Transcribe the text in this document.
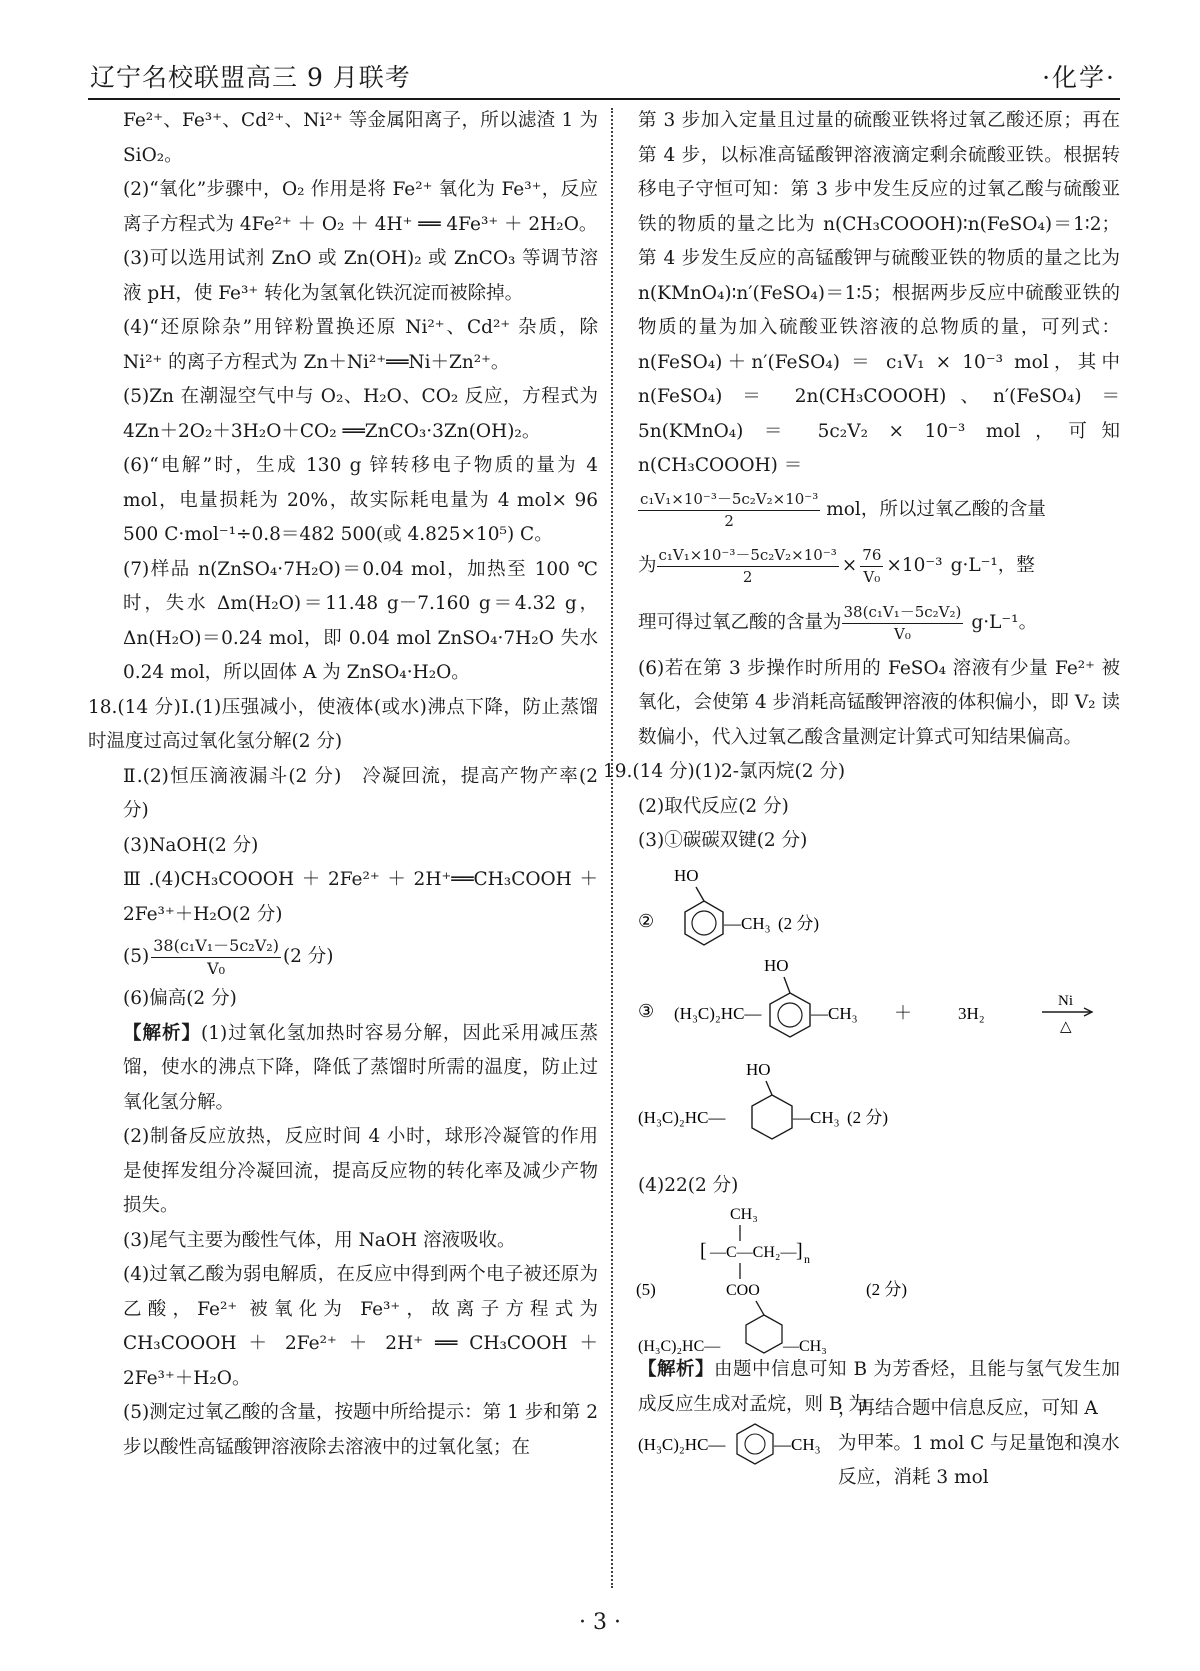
辽宁名校联盟高三 9 月联考	·化学·

Fe²⁺、Fe³⁺、Cd²⁺、Ni²⁺ 等金属阳离子，所以滤渣 1 为 SiO₂。

(2)“氧化”步骤中，O₂ 作用是将 Fe²⁺ 氧化为 Fe³⁺，反应离子方程式为 4Fe²⁺ ＋ O₂ ＋ 4H⁺ ══ 4Fe³⁺ ＋ 2H₂O。

(3)可以选用试剂 ZnO 或 Zn(OH)₂ 或 ZnCO₃ 等调节溶液 pH，使 Fe³⁺ 转化为氢氧化铁沉淀而被除掉。

(4)“还原除杂”用锌粉置换还原 Ni²⁺、Cd²⁺ 杂质，除 Ni²⁺ 的离子方程式为 Zn＋Ni²⁺══Ni＋Zn²⁺。

(5)Zn 在潮湿空气中与 O₂、H₂O、CO₂ 反应，方程式为 4Zn＋2O₂＋3H₂O＋CO₂ ══ZnCO₃·3Zn(OH)₂。

(6)“电解”时，生成 130 g 锌转移电子物质的量为 4 mol，电量损耗为 20%，故实际耗电量为 4 mol× 96 500 C·mol⁻¹÷0.8＝482 500(或 4.825×10⁵) C。

(7)样品 n(ZnSO₄·7H₂O)＝0.04 mol，加热至 100 ℃时，失水 Δm(H₂O)＝11.48 g－7.160 g＝4.32 g，Δn(H₂O)＝0.24 mol，即 0.04 mol ZnSO₄·7H₂O 失水 0.24 mol，所以固体 A 为 ZnSO₄·H₂O。

18.(14 分)Ⅰ.(1)压强减小，使液体(或水)沸点下降，防止蒸馏时温度过高过氧化氢分解(2 分)

Ⅱ.(2)恒压滴液漏斗(2 分)　冷凝回流，提高产物产率(2 分)

(3)NaOH(2 分)

Ⅲ.(4)CH₃COOOH＋2Fe²⁺＋2H⁺══CH₃COOH＋2Fe³⁺＋H₂O(2 分)

$(5) \frac{\text{38(c₁V₁－5c₂V₂)}}{\text{V₀}} (2$ 分)

(6)偏高(2 分)

【解析】(1)过氧化氢加热时容易分解，因此采用减压蒸馏，使水的沸点下降，降低了蒸馏时所需的温度，防止过氧化氢分解。

(2)制备反应放热，反应时间 4 小时，球形冷凝管的作用是使挥发组分冷凝回流，提高反应物的转化率及减少产物损失。

(3)尾气主要为酸性气体，用 NaOH 溶液吸收。

(4)过氧乙酸为弱电解质，在反应中得到两个电子被还原为乙酸，Fe²⁺ 被氧化为 Fe³⁺，故离子方程式为 CH₃COOOH ＋ 2Fe²⁺ ＋ 2H⁺ ══ CH₃COOH ＋ 2Fe³⁺＋H₂O。

(5)测定过氧乙酸的含量，按题中所给提示：第 1 步和第 2 步以酸性高锰酸钾溶液除去溶液中的过氧化氢；在

第 3 步加入定量且过量的硫酸亚铁将过氧乙酸还原；再在第 4 步，以标准高锰酸钾溶液滴定剩余硫酸亚铁。根据转移电子守恒可知：第 3 步中发生反应的过氧乙酸与硫酸亚铁的物质的量之比为 n(CH₃COOOH)∶n(FeSO₄)＝1∶2；第 4 步发生反应的高锰酸钾与硫酸亚铁的物质的量之比为 n(KMnO₄)∶n′(FeSO₄)＝1∶5；根据两步反应中硫酸亚铁的物质的量为加入硫酸亚铁溶液的总物质的量，可列式：n(FeSO₄)＋n′(FeSO₄) ＝ c₁V₁ × 10⁻³ mol，其中 n(FeSO₄) ＝ 2n(CH₃COOOH)、n′(FeSO₄) ＝ 5n(KMnO₄) ＝ 5c₂V₂ × 10⁻³ mol，可知 n(CH₃COOOH) ＝

$\frac{\text{c₁V₁×10⁻³－5c₂V₂×10⁻³}}{2}$ mol，所以过氧乙酸的含量
为 $\frac{\text{c₁V₁×10⁻³－5c₂V₂×10⁻³}}{2} \times \frac{76}{\text{V₀}} \times 10^{-3}$ g·L⁻¹，整
理可得过氧乙酸的含量为 $\frac{\text{38(c₁V₁－5c₂V₂)}}{\text{V₀}} g\cdot L^{-1}$。

(6)若在第 3 步操作时所用的 FeSO₄ 溶液有少量 Fe²⁺ 被氧化，会使第 4 步消耗高锰酸钾溶液的体积偏小，即 V₂ 读数偏小，代入过氧乙酸含量测定计算式可知结果偏高。

19.(14 分)(1)2-氯丙烷(2 分)

(2)取代反应(2 分)

(3)①碳碳双键(2 分)

②
HO
—CH₃ (2 分)
③
HO
(H₃C)₂HC—	—CH₃ ＋	3H₂
Ni
△
HO
(H₃C)₂HC—	—CH₃ (2 分)

(4)22(2 分)

CH₃
[ —C—CH₂— ] n
(5)	COO	(2 分)
(H₃C)₂HC—	—CH₃

【解析】由题中信息可知 B 为芳香烃，且能与氢气发生加成反应生成对孟烷，则 B 为

(H₃C)₂HC—	—CH₃
，再结合题中信息反应，可知 A 为甲苯。1 mol C 与足量饱和溴水反应，消耗 3 mol
· 3 ·
